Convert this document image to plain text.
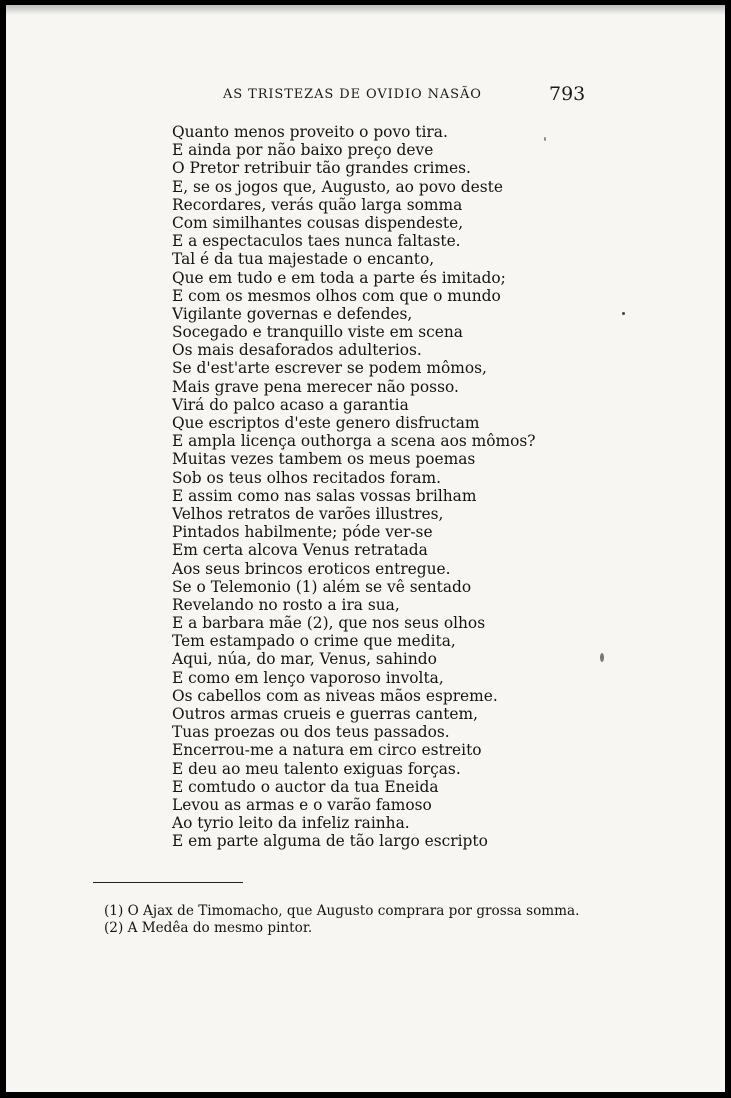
AS TRISTEZAS DE OVIDIO NASÃO	793
Quanto menos proveito o povo tira.
E ainda por não baixo preço deve
O Pretor retribuir tão grandes crimes.
E, se os jogos que, Augusto, ao povo deste
Recordares, verás quão larga somma
Com similhantes cousas dispendeste,
E a espectaculos taes nunca faltaste.
Tal é da tua majestade o encanto,
Que em tudo e em toda a parte és imitado;
E com os mesmos olhos com que o mundo
Vigilante governas e defendes,
Socegado e tranquillo viste em scena
Os mais desaforados adulterios.
Se d'est'arte escrever se podem mômos,
Mais grave pena merecer não posso.
Virá do palco acaso a garantia
Que escriptos d'este genero disfructam
E ampla licença outhorga a scena aos mômos?
Muitas vezes tambem os meus poemas
Sob os teus olhos recitados foram.
E assim como nas salas vossas brilham
Velhos retratos de varões illustres,
Pintados habilmente; póde ver-se
Em certa alcova Venus retratada
Aos seus brincos eroticos entregue.
Se o Telemonio (1) além se vê sentado
Revelando no rosto a ira sua,
E a barbara mãe (2), que nos seus olhos
Tem estampado o crime que medita,
Aqui, núa, do mar, Venus, sahindo
E como em lenço vaporoso involta,
Os cabellos com as niveas mãos espreme.
Outros armas crueis e guerras cantem,
Tuas proezas ou dos teus passados.
Encerrou-me a natura em circo estreito
E deu ao meu talento exiguas forças.
E comtudo o auctor da tua Eneida
Levou as armas e o varão famoso
Ao tyrio leito da infeliz rainha.
E em parte alguma de tão largo escripto
(1) O Ajax de Timomacho, que Augusto comprara por grossa somma.
(2) A Medêa do mesmo pintor.
